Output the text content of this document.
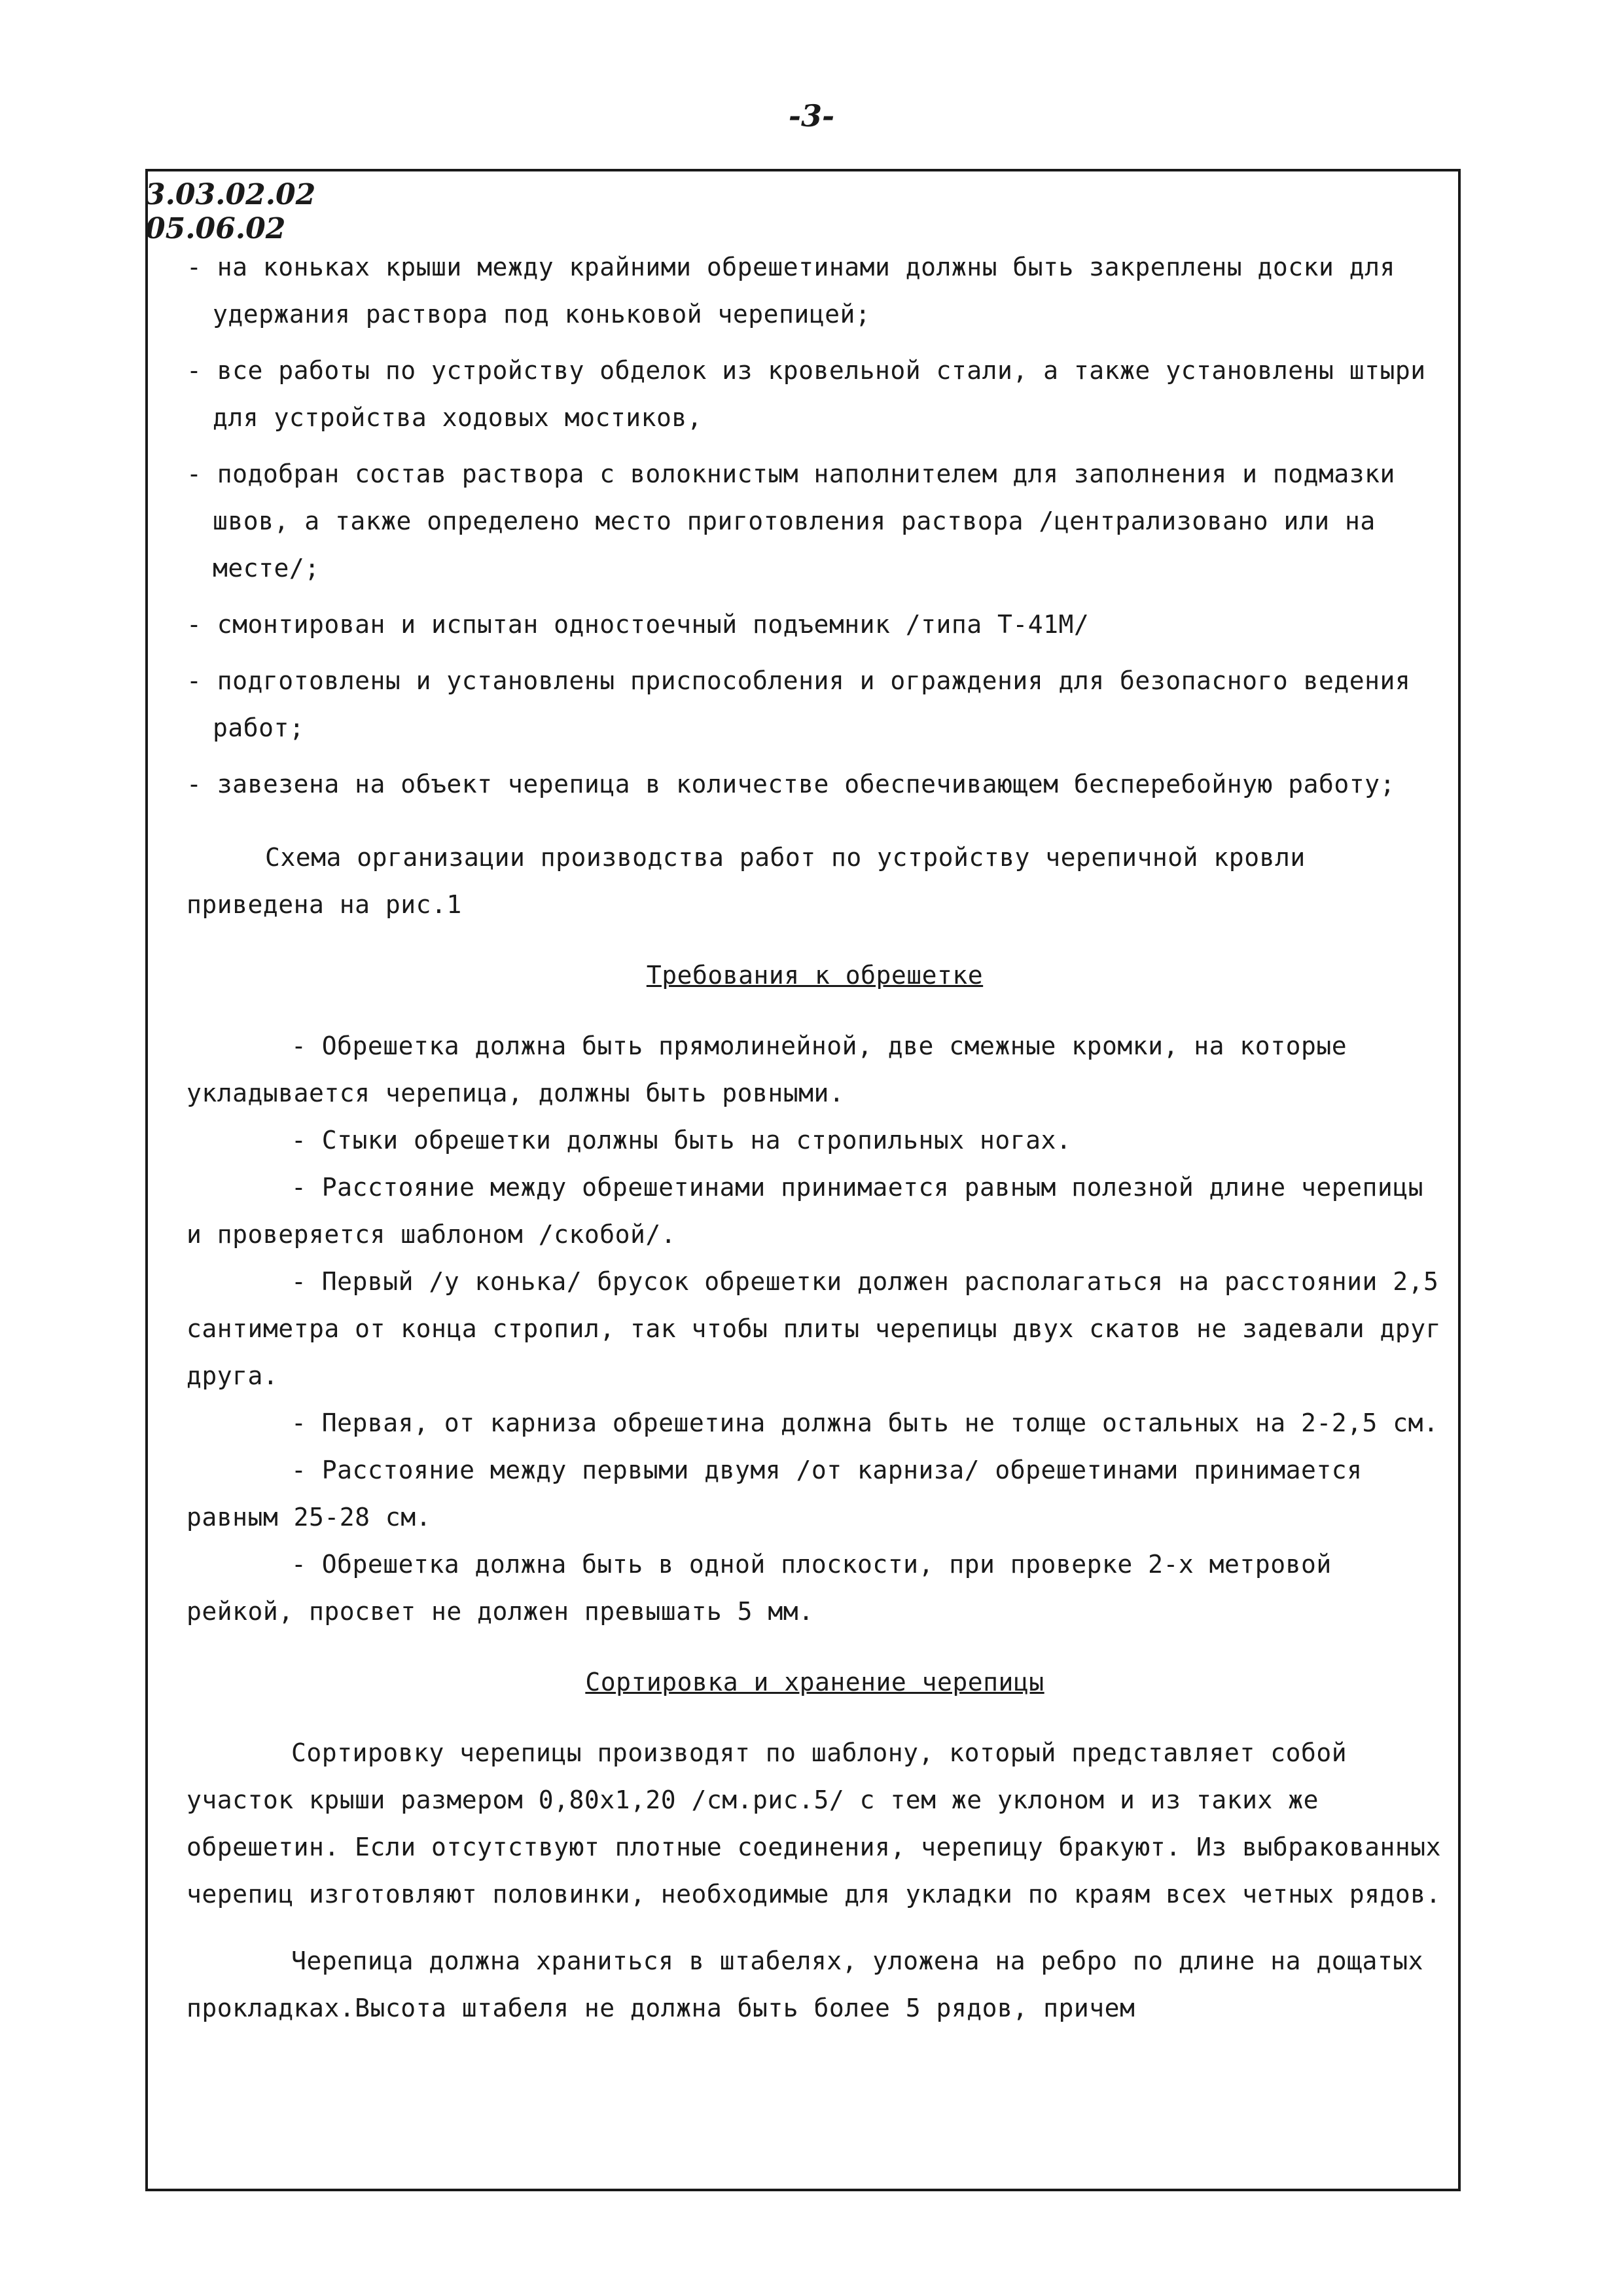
-3-
3.03.02.02
05.06.02

- на коньках крыши между крайними обрешетинами должны быть закреплены доски для удержания раствора под коньковой черепицей;

- все работы по устройству обделок из кровельной стали, а также установлены штыри для устройства ходовых мостиков,

- подобран состав раствора с волокнистым наполнителем для заполнения и подмазки швов, а также определено место приготовления раствора /централизовано или на месте/;

- смонтирован и испытан одностоечный подъемник /типа Т-41М/

- подготовлены и установлены приспособления и ограждения для безопасного ведения работ;

- завезена на объект черепица в количестве обеспечивающем бесперебойную работу;

Схема организации производства работ по устройству черепичной кровли приведена на рис.1

Требования к обрешетке

- Обрешетка должна быть прямолинейной, две смежные кромки, на которые укладывается черепица, должны быть ровными.

- Стыки обрешетки должны быть на стропильных ногах.

- Расстояние между обрешетинами принимается равным полезной длине черепицы и проверяется шаблоном /скобой/.

- Первый /у конька/ брусок обрешетки должен располагаться на расстоянии 2,5 сантиметра от конца стропил, так чтобы плиты черепицы двух скатов не задевали друг друга.

- Первая, от карниза обрешетина должна быть не толще остальных на 2-2,5 см.

- Расстояние между первыми двумя /от карниза/ обрешетинами принимается равным 25-28 см.

- Обрешетка должна быть в одной плоскости, при проверке 2-х метровой рейкой, просвет не должен превышать 5 мм.

Сортировка и хранение черепицы

Сортировку черепицы производят по шаблону, который представляет собой участок крыши размером 0,80х1,20 /см.рис.5/ с тем же уклоном и из таких же обрешетин. Если отсутствуют плотные соединения, черепицу бракуют. Из выбракованных черепиц изготовляют половинки, необходимые для укладки по краям всех четных рядов.

Черепица должна храниться в штабелях, уложена на ребро по длине на дощатых прокладках.Высота штабеля не должна быть более 5 рядов, причем
